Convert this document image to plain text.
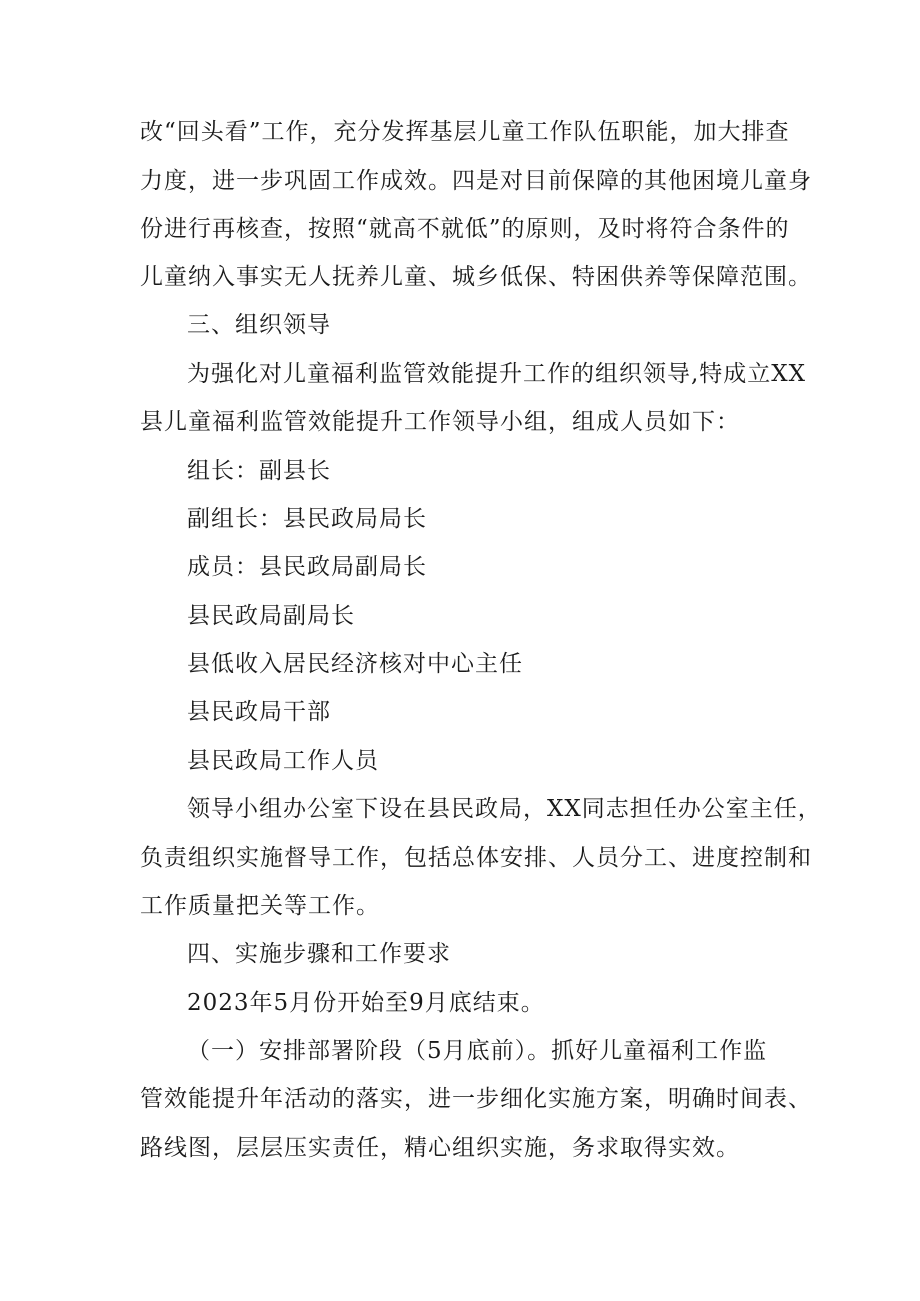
改“回头看”工作，充分发挥基层儿童工作队伍职能，加大排查
力度，进一步巩固工作成效。四是对目前保障的其他困境儿童身
份进行再核查，按照“就高不就低”的原则，及时将符合条件的
儿童纳入事实无人抚养儿童、城乡低保、特困供养等保障范围。
三、组织领导
为强化对儿童福利监管效能提升工作的组织领导,特成立XX
县儿童福利监管效能提升工作领导小组，组成人员如下：
组长：副县长
副组长：县民政局局长
成员：县民政局副局长
县民政局副局长
县低收入居民经济核对中心主任
县民政局干部
县民政局工作人员
领导小组办公室下设在县民政局，XX同志担任办公室主任，
负责组织实施督导工作，包括总体安排、人员分工、进度控制和
工作质量把关等工作。
四、实施步骤和工作要求
2023年5月份开始至9月底结束。
（一）安排部署阶段（5月底前）。抓好儿童福利工作监
管效能提升年活动的落实，进一步细化实施方案，明确时间表、
路线图，层层压实责任，精心组织实施，务求取得实效。
